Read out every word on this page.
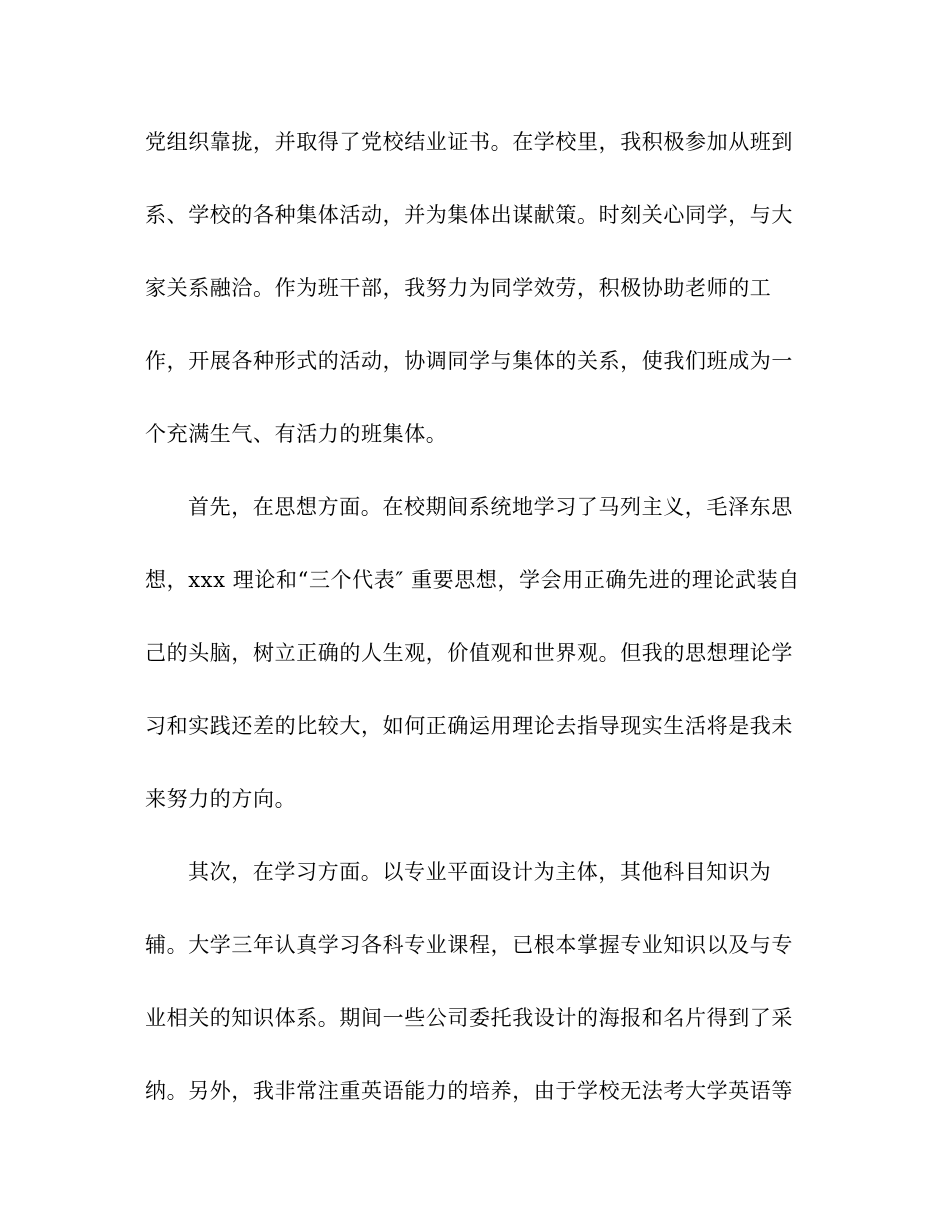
党组织靠拢，并取得了党校结业证书。在学校里，我积极参加从班到
系、学校的各种集体活动，并为集体出谋献策。时刻关心同学，与大
家关系融洽。作为班干部，我努力为同学效劳，积极协助老师的工
作，开展各种形式的活动，协调同学与集体的关系，使我们班成为一
个充满生气、有活力的班集体。
首先，在思想方面。在校期间系统地学习了马列主义，毛泽东思
想，xxx 理论和“三个代表″ 重要思想，学会用正确先进的理论武装自
己的头脑，树立正确的人生观，价值观和世界观。但我的思想理论学
习和实践还差的比较大，如何正确运用理论去指导现实生活将是我未
来努力的方向。
其次，在学习方面。以专业平面设计为主体，其他科目知识为
辅。大学三年认真学习各科专业课程，已根本掌握专业知识以及与专
业相关的知识体系。期间一些公司委托我设计的海报和名片得到了采
纳。另外，我非常注重英语能力的培养，由于学校无法考大学英语等
